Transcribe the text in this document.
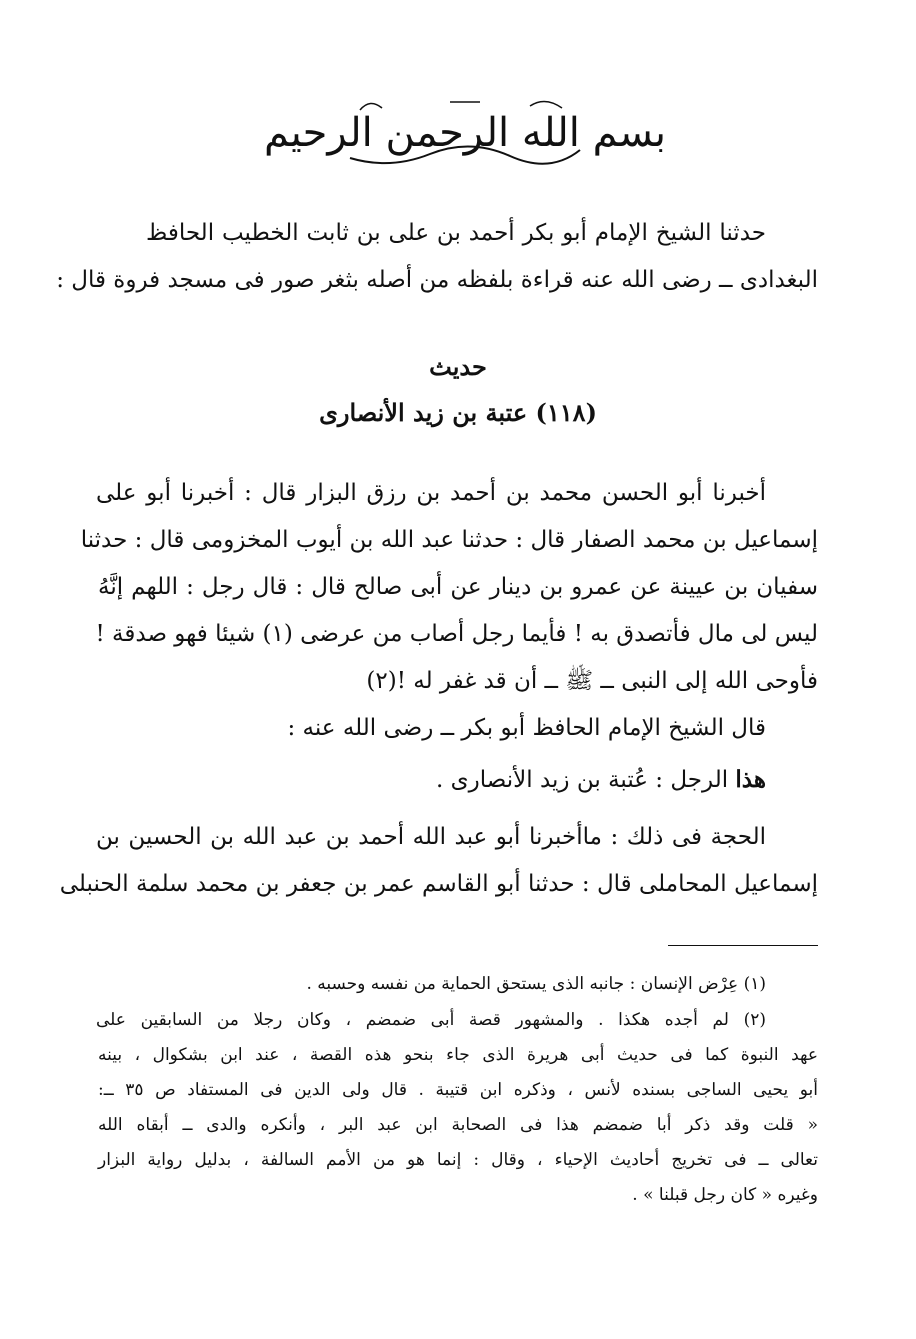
بسم الله الرحمن الرحيم
حدثنا الشيخ الإمام أبو بكر أحمد بن على بن ثابت الخطيب الحافظ
البغدادى ــ رضى الله عنه قراءة بلفظه من أصله بثغر صور فى مسجد فروة قال :
حديث
(١١٨) عتبة بن زيد الأنصارى
أخبرنا أبو الحسن محمد بن أحمد بن رزق البزار قال : أخبرنا أبو على
إسماعيل بن محمد الصفار قال : حدثنا عبد الله بن أيوب المخزومى قال : حدثنا
سفيان بن عيينة عن عمرو بن دينار عن أبى صالح قال : قال رجل : اللهم إنَّهُ
ليس لى مال فأتصدق به ! فأيما رجل أصاب من عرضى (١) شيئا فهو صدقة !
فأوحى الله إلى النبى ــ ﷺ ــ أن قد غفر له !(٢)
قال الشيخ الإمام الحافظ أبو بكر ــ رضى الله عنه :
هذا الرجل : عُتبة بن زيد الأنصارى .
الحجة فى ذلك : ماأخبرنا أبو عبد الله أحمد بن عبد الله بن الحسين بن
إسماعيل المحاملى قال : حدثنا أبو القاسم عمر بن جعفر بن محمد سلمة الحنبلى
(١) عِرْض الإنسان : جانبه الذى يستحق الحماية من نفسه وحسبه .
(٢) لم أجده هكذا . والمشهور قصة أبى ضمضم ، وكان رجلا من السابقين على
عهد النبوة كما فى حديث أبى هريرة الذى جاء بنحو هذه القصة ، عند ابن بشكوال ، بينه
أبو يحيى الساجى بسنده لأنس ، وذكره ابن قتيبة . قال ولى الدين فى المستفاد ص ٣٥ ــ:
« قلت وقد ذكر أبا ضمضم هذا فى الصحابة ابن عبد البر ، وأنكره والدى ــ أبقاه الله
تعالى ــ فى تخريج أحاديث الإحياء ، وقال : إنما هو من الأمم السالفة ، بدليل رواية البزار
وغيره « كان رجل قبلنا » .
